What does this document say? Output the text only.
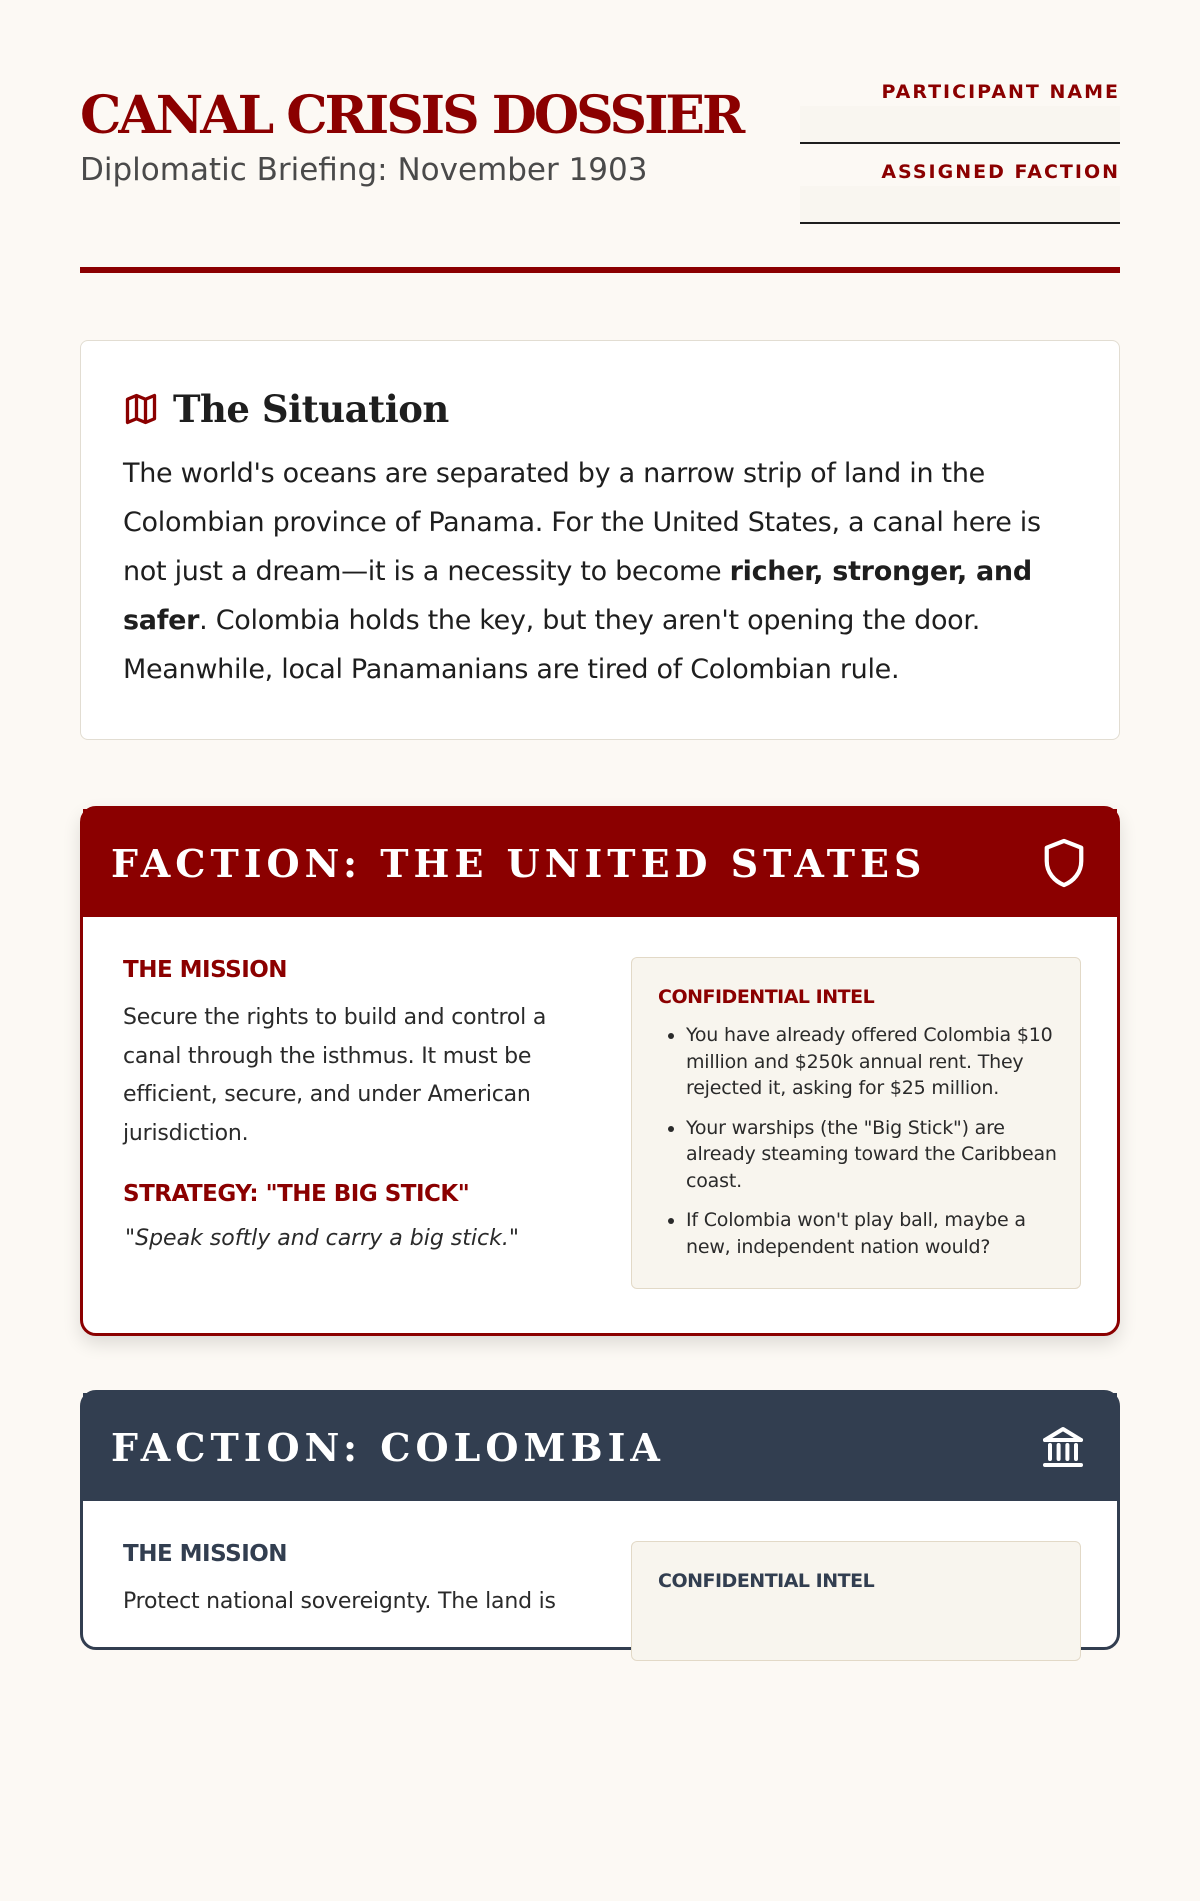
CANAL CRISIS DOSSIER
Diplomatic Briefing: November 1903
PARTICIPANT NAME
ASSIGNED FACTION
The Situation

The world's oceans are separated by a narrow strip of land in the Colombian province of Panama. For the United States, a canal here is not just a dream—it is a necessity to become richer, stronger, and safer. Colombia holds the key, but they aren't opening the door. Meanwhile, local Panamanians are tired of Colombian rule.

FACTION: THE UNITED STATES
THE MISSION

Secure the rights to build and control a canal through the isthmus. It must be efficient, secure, and under American jurisdiction.

STRATEGY: "THE BIG STICK"

"Speak softly and carry a big stick."

CONFIDENTIAL INTEL
• You have already offered Colombia $10 million and $250k annual rent. They rejected it, asking for $25 million.
• Your warships (the "Big Stick") are already steaming toward the Caribbean coast.
• If Colombia won't play ball, maybe a new, independent nation would?
FACTION: COLOMBIA
THE MISSION

Protect national sovereignty. The land is

CONFIDENTIAL INTEL
